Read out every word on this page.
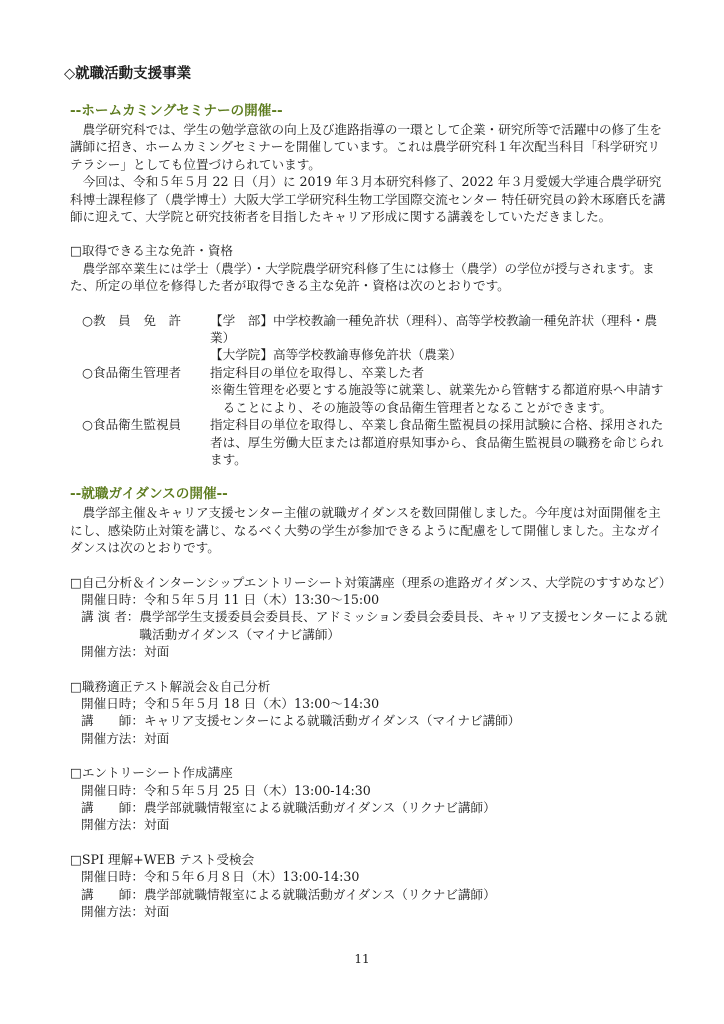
◇就職活動支援事業
--ホームカミングセミナーの開催--

農学研究科では、学生の勉学意欲の向上及び進路指導の一環として企業・研究所等で活躍中の修了生を講師に招き、ホームカミングセミナーを開催しています。これは農学研究科１年次配当科目「科学研究リテラシー」としても位置づけられています。

今回は、令和５年５月 22 日（月）に 2019 年３月本研究科修了、2022 年３月愛媛大学連合農学研究科博士課程修了（農学博士）大阪大学工学研究科生物工学国際交流センター 特任研究員の鈴木琢磨氏を講師に迎えて、大学院と研究技術者を目指したキャリア形成に関する講義をしていただきました。

□取得できる主な免許・資格

農学部卒業生には学士（農学）・大学院農学研究科修了生には修士（農学）の学位が授与されます。また、所定の単位を修得した者が取得できる主な免許・資格は次のとおりです。

○教　員　免　許	【学　部】中学校教諭一種免許状（理科）、高等学校教諭一種免許状（理科・農業）
【大学院】高等学校教諭専修免許状（農業）

○食品衛生管理者	指定科目の単位を取得し、卒業した者
※衛生管理を必要とする施設等に就業し、就業先から管轄する都道府県へ申請することにより、その施設等の食品衛生管理者となることができます。

○食品衛生監視員	指定科目の単位を取得し、卒業し食品衛生監視員の採用試験に合格、採用された者は、厚生労働大臣または都道府県知事から、食品衛生監視員の職務を命じられます。
--就職ガイダンスの開催--

農学部主催＆キャリア支援センター主催の就職ガイダンスを数回開催しました。今年度は対面開催を主にし、感染防止対策を講じ、なるべく大勢の学生が参加できるように配慮をして開催しました。主なガイダンスは次のとおりです。

□自己分析＆インターンシップエントリーシート対策講座（理系の進路ガイダンス、大学院のすすめなど）
開催日時：令和５年５月 11 日（木）13:30～15:00
講 演 者： 農学部学生支援委員会委員長、アドミッション委員会委員長、キャリア支援センターによる就職活動ガイダンス（マイナビ講師）
開催方法：対面
□職務適正テスト解説会＆自己分析
開催日時；令和５年５月 18 日（木）13:00～14:30
講　　師： キャリア支援センターによる就職活動ガイダンス（マイナビ講師）
開催方法：対面
□エントリーシート作成講座
開催日時：令和５年５月 25 日（木）13:00-14:30
講　　師： 農学部就職情報室による就職活動ガイダンス（リクナビ講師）
開催方法：対面
□SPI 理解+WEB テスト受検会
開催日時：令和５年６月８日（木）13:00-14:30
講　　師： 農学部就職情報室による就職活動ガイダンス（リクナビ講師）
開催方法：対面
11
